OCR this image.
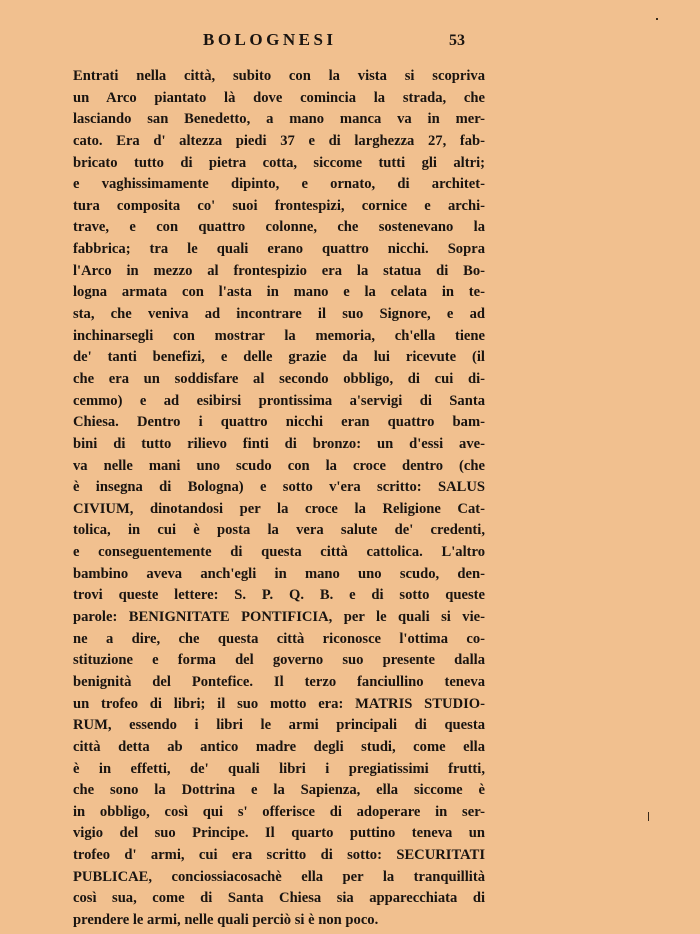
BOLOGNESI	53
Entrati nella città, subito con la vista si scopriva
un Arco piantato là dove comincia la strada, che
lasciando san Benedetto, a mano manca va in mer-
cato. Era d' altezza piedi 37 e di larghezza 27, fab-
bricato tutto di pietra cotta, siccome tutti gli altri;
e vaghissimamente dipinto, e ornato, di architet-
tura composita co' suoi frontespizi, cornice e archi-
trave, e con quattro colonne, che sostenevano la
fabbrica; tra le quali erano quattro nicchi. Sopra
l'Arco in mezzo al frontespizio era la statua di Bo-
logna armata con l'asta in mano e la celata in te-
sta, che veniva ad incontrare il suo Signore, e ad
inchinarsegli con mostrar la memoria, ch'ella tiene
de' tanti benefizi, e delle grazie da lui ricevute (il
che era un soddisfare al secondo obbligo, di cui di-
cemmo) e ad esibirsi prontissima a'servigi di Santa
Chiesa. Dentro i quattro nicchi eran quattro bam-
bini di tutto rilievo finti di bronzo: un d'essi ave-
va nelle mani uno scudo con la croce dentro (che
è insegna di Bologna) e sotto v'era scritto: SALUS
CIVIUM, dinotandosi per la croce la Religione Cat-
tolica, in cui è posta la vera salute de' credenti,
e conseguentemente di questa città cattolica. L'altro
bambino aveva anch'egli in mano uno scudo, den-
trovi queste lettere: S. P. Q. B. e di sotto queste
parole: BENIGNITATE PONTIFICIA, per le quali si vie-
ne a dire, che questa città riconosce l'ottima co-
stituzione e forma del governo suo presente dalla
benignità del Pontefice. Il terzo fanciullino teneva
un trofeo di libri; il suo motto era: MATRIS STUDIO-
RUM, essendo i libri le armi principali di questa
città detta ab antico madre degli studi, come ella
è in effetti, de' quali libri i pregiatissimi frutti,
che sono la Dottrina e la Sapienza, ella siccome è
in obbligo, così qui s' offerisce di adoperare in ser-
vigio del suo Principe. Il quarto puttino teneva un
trofeo d' armi, cui era scritto di sotto: SECURITATI
PUBLICAE, conciossiacosachè ella per la tranquillità
così sua, come di Santa Chiesa sia apparecchiata di
prendere le armi, nelle quali perciò si è non poco.
